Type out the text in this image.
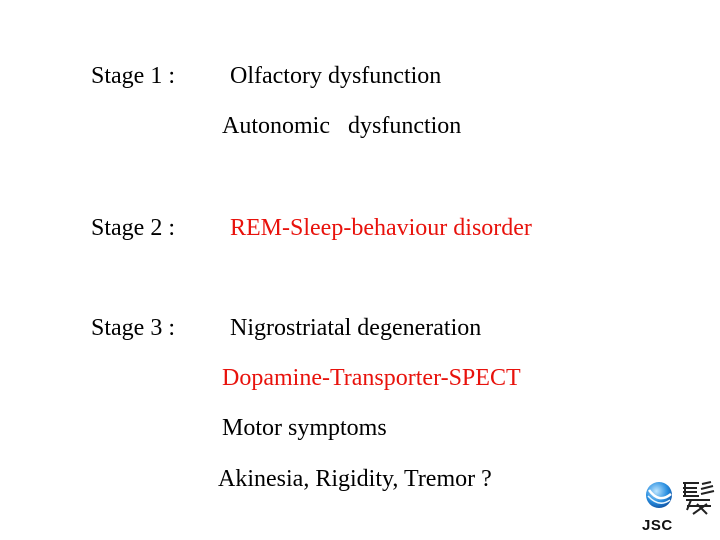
Stage 1 : Olfactory dysfunction
Autonomic   dysfunction
Stage 2 : REM-Sleep-behaviour disorder
Stage 3 : Nigrostriatal degeneration
Dopamine-Transporter-SPECT
Motor symptoms
Akinesia, Rigidity, Tremor ?
JSC
